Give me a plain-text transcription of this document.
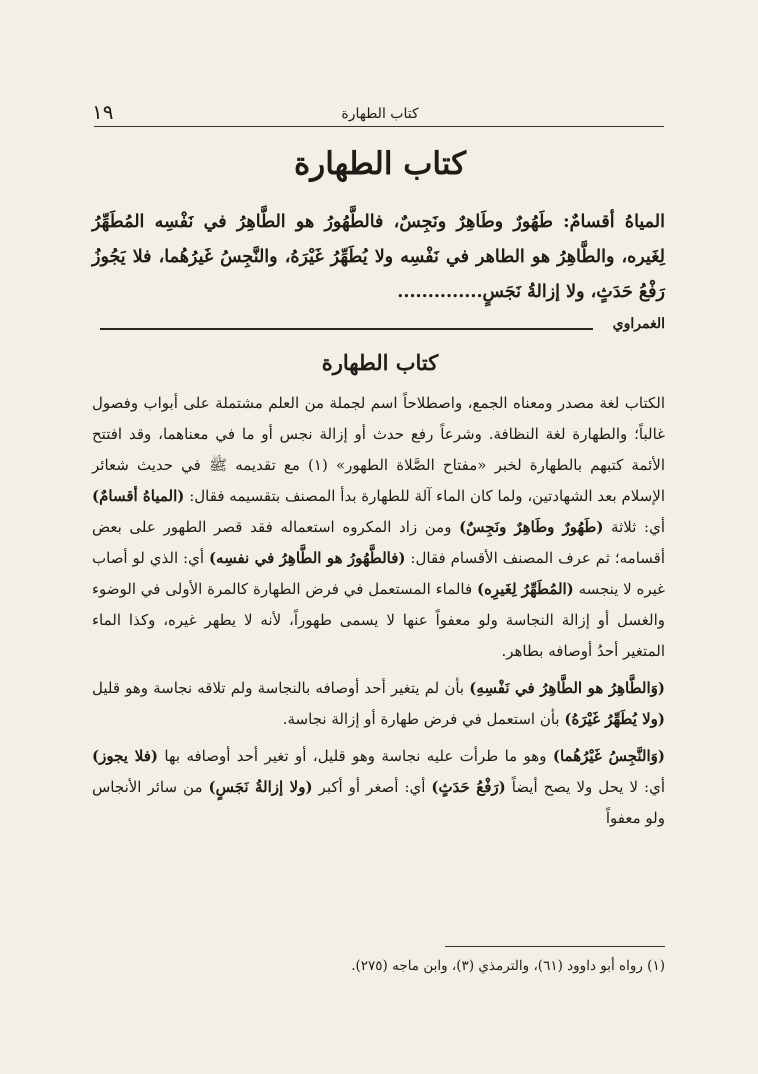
كتاب الطهارة
١٩
كتاب الطهارة

المياهُ أقسامٌ: طَهُورٌ وطَاهِرٌ ونَجِسٌ، فالطَّهُورُ هو الطَّاهِرُ في نَفْسِه المُطَهِّرُ لِغَيره، والطَّاهِرُ هو الطاهر في نَفْسِه ولا يُطَهِّرُ غَيْرَهُ، والنَّجِسُ غَيرُهُما، فلا يَجُوزُ رَفْعُ حَدَثٍ، ولا إزالةُ نَجَسٍ..............

الغمراوي
كتاب الطهارة

الكتاب لغة مصدر ومعناه الجمع، واصطلاحاً اسم لجملة من العلم مشتملة على أبواب وفصول غالباً؛ والطهارة لغة النظافة. وشرعاً رفع حدث أو إزالة نجس أو ما في معناهما، وقد افتتح الأئمة كتبهم بالطهارة لخبر «مفتاح الصَّلاة الطهور» (١) مع تقديمه ﷺ في حديث شعائر الإسلام بعد الشهادتين، ولما كان الماء آلة للطهارة بدأ المصنف بتقسيمه فقال: (المياهُ أقسامٌ) أي: ثلاثة (طَهُورٌ وطَاهِرٌ ونَجِسٌ) ومن زاد المكروه استعماله فقد قصر الطهور على بعض أقسامه؛ ثم عرف المصنف الأقسام فقال: (فالطَّهُورُ هو الطَّاهِرُ في نفسِه) أي: الذي لو أصاب غيره لا ينجسه (المُطَهِّرُ لِغَيرِه) فالماء المستعمل في فرض الطهارة كالمرة الأولى في الوضوء والغسل أو إزالة النجاسة ولو معفواً عنها لا يسمى طهوراً، لأنه لا يطهر غيره، وكذا الماء المتغير أحدُ أوصافه بطاهر.

(وَالطَّاهِرُ هو الطَّاهِرُ في نَفْسِهِ) بأن لم يتغير أحد أوصافه بالنجاسة ولم تلاقه نجاسة وهو قليل (ولا يُطَهِّرُ غَيْرَهُ) بأن استعمل في فرض طهارة أو إزالة نجاسة.

(وَالنَّجِسُ غَيْرُهُما) وهو ما طرأت عليه نجاسة وهو قليل، أو تغير أحد أوصافه بها (فلا يجوز) أي: لا يحل ولا يصح أيضاً (رَفْعُ حَدَثٍ) أي: أصغر أو أكبر (ولا إزالةُ نَجَسٍ) من سائر الأنجاس ولو معفواً

(١) رواه أبو داوود (٦١)، والترمذي (٣)، وابن ماجه (٢٧٥).
